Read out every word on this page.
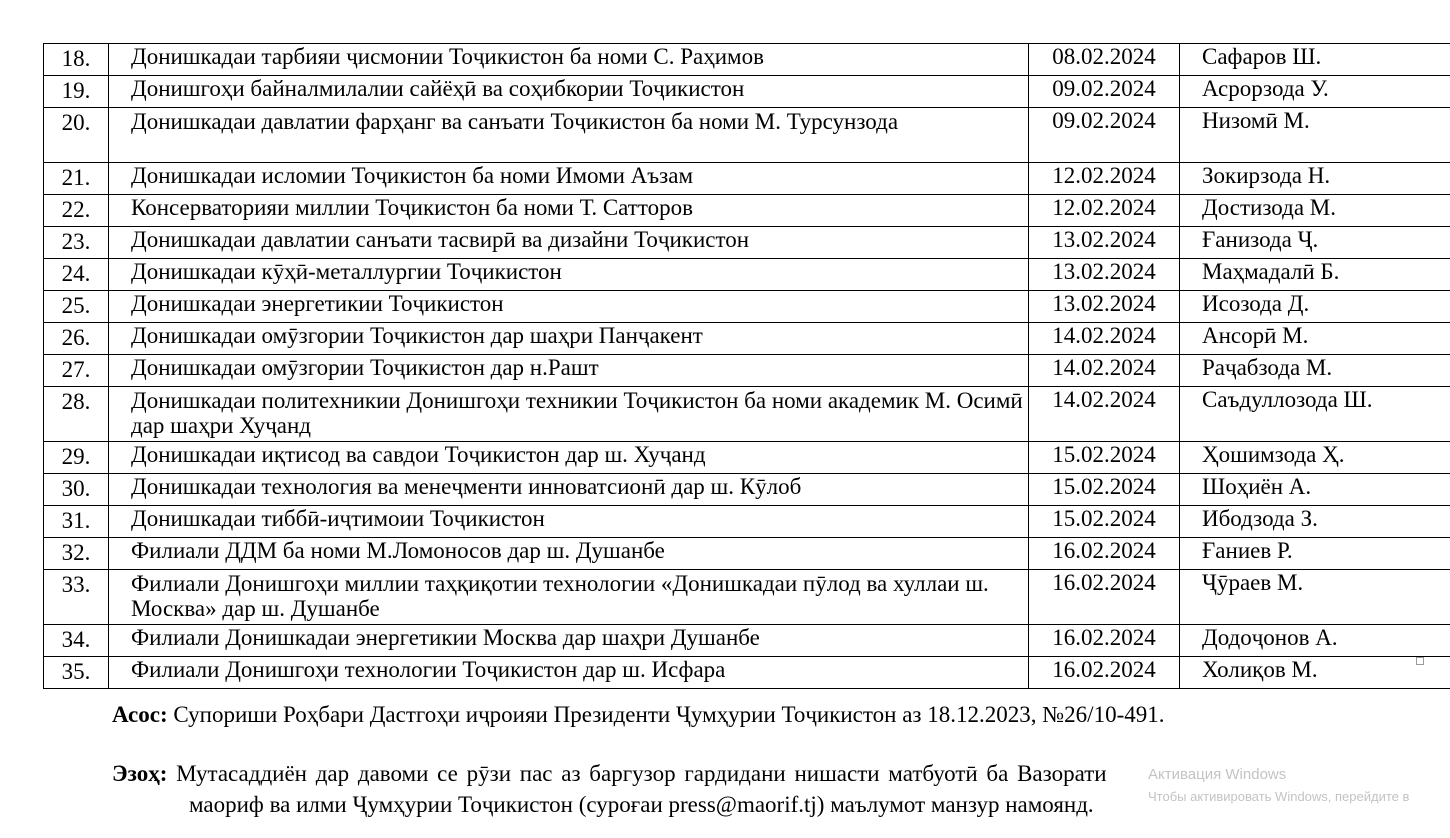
18.	Донишкадаи тарбияи ҷисмонии Тоҷикистон ба номи С. Раҳимов	08.02.2024	Сафаров Ш.
19.	Донишгоҳи байналмилалии сайёҳӣ ва соҳибкории Тоҷикистон	09.02.2024	Асрорзода У.
20.	Донишкадаи давлатии фарҳанг ва санъати Тоҷикистон ба номи М. Турсунзода	09.02.2024	Низомӣ М.
21.	Донишкадаи исломии Тоҷикистон ба номи Имоми Аъзам	12.02.2024	Зокирзода Н.
22.	Консерваторияи миллии Тоҷикистон ба номи Т. Сатторов	12.02.2024	Достизода М.
23.	Донишкадаи давлатии санъати тасвирӣ ва дизайни Тоҷикистон	13.02.2024	Ғанизода Ҷ.
24.	Донишкадаи кӯҳӣ-металлургии Тоҷикистон	13.02.2024	Маҳмадалӣ Б.
25.	Донишкадаи энергетикии Тоҷикистон	13.02.2024	Исозода Д.
26.	Донишкадаи омӯзгории Тоҷикистон дар шаҳри Панҷакент	14.02.2024	Ансорӣ М.
27.	Донишкадаи омӯзгории Тоҷикистон дар н.Рашт	14.02.2024	Раҷабзода М.
28.	Донишкадаи политехникии Донишгоҳи техникии Тоҷикистон ба номи академик М. Осимӣ дар шаҳри Хуҷанд	14.02.2024	Саъдуллозода Ш.
29.	Донишкадаи иқтисод ва савдои Тоҷикистон дар ш. Хуҷанд	15.02.2024	Ҳошимзода Ҳ.
30.	Донишкадаи технология ва менеҷменти инноватсионӣ дар ш. Кӯлоб	15.02.2024	Шоҳиён А.
31.	Донишкадаи тиббӣ-иҷтимоии Тоҷикистон	15.02.2024	Ибодзода З.
32.	Филиали ДДМ ба номи М.Ломоносов дар ш. Душанбе	16.02.2024	Ғаниев Р.
33.	Филиали Донишгоҳи миллии таҳқиқотии технологии «Донишкадаи пӯлод ва хуллаи ш. Москва» дар ш. Душанбе	16.02.2024	Ҷӯраев М.
34.	Филиали Донишкадаи энергетикии Москва дар шаҳри Душанбе	16.02.2024	Додоҷонов А.
35.	Филиали Донишгоҳи технологии Тоҷикистон дар ш. Исфара	16.02.2024	Холиқов М.
Асос: Супориши Роҳбари Дастгоҳи иҷроияи Президенти Ҷумҳурии Тоҷикистон аз 18.12.2023, №26/10-491.
Эзоҳ: Мутасаддиён дар давоми се рӯзи пас аз баргузор гардидани нишасти матбуотӣ ба Вазорати
маориф ва илми Ҷумҳурии Тоҷикистон (суроғаи press@maorif.tj) маълумот манзур намоянд.
Активация Windows
Чтобы активировать Windows, перейдите в
